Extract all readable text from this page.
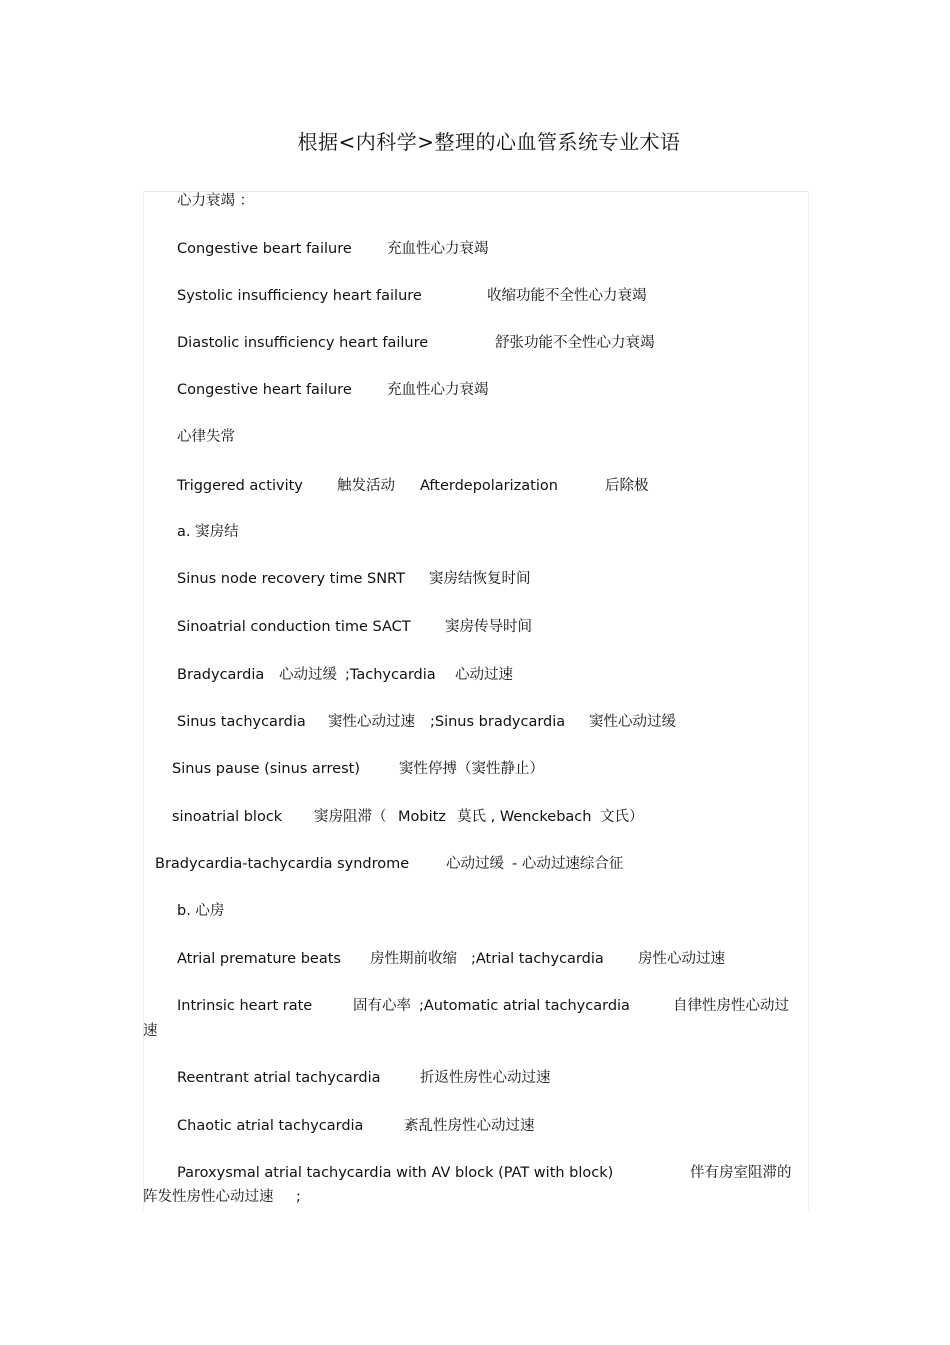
根据<内科学>整理的心血管系统专业术语
心力衰竭 ：
Congestive beart failure 充血性心力衰竭
Systolic insufficiency heart failure	收缩功能不全性心力衰竭
Diastolic insufficiency heart failure	舒张功能不全性心力衰竭
Congestive heart failure 充血性心力衰竭
心律失常
Triggered activity 触发活动 Afterdepolarization	后除极
a. 窦房结
Sinus node recovery time SNRT 窦房结恢复时间
Sinoatrial conduction time SACT 窦房传导时间
Bradycardia 心动过缓 ;Tachycardia 心动过速
Sinus tachycardia 窦性心动过速 ;Sinus bradycardia 窦性心动过缓
Sinus pause (sinus arrest)	窦性停搏（窦性静止）
sinoatrial block 窦房阻滞（ Mobitz 莫氏 , Wenckebach 文氏）
Bradycardia-tachycardia syndrome	心动过缓 - 心动过速综合征
b. 心房
Atrial premature beats 房性期前收缩 ;Atrial tachycardia 房性心动过速
Intrinsic heart rate	固有心率 ;Automatic atrial tachycardia	自律性房性心动过
速
Reentrant atrial tachycardia	折返性房性心动过速
Chaotic atrial tachycardia	紊乱性房性心动过速
Paroxysmal atrial tachycardia with AV block (PAT with block)	伴有房室阻滞的
阵发性房性心动过速 ;
